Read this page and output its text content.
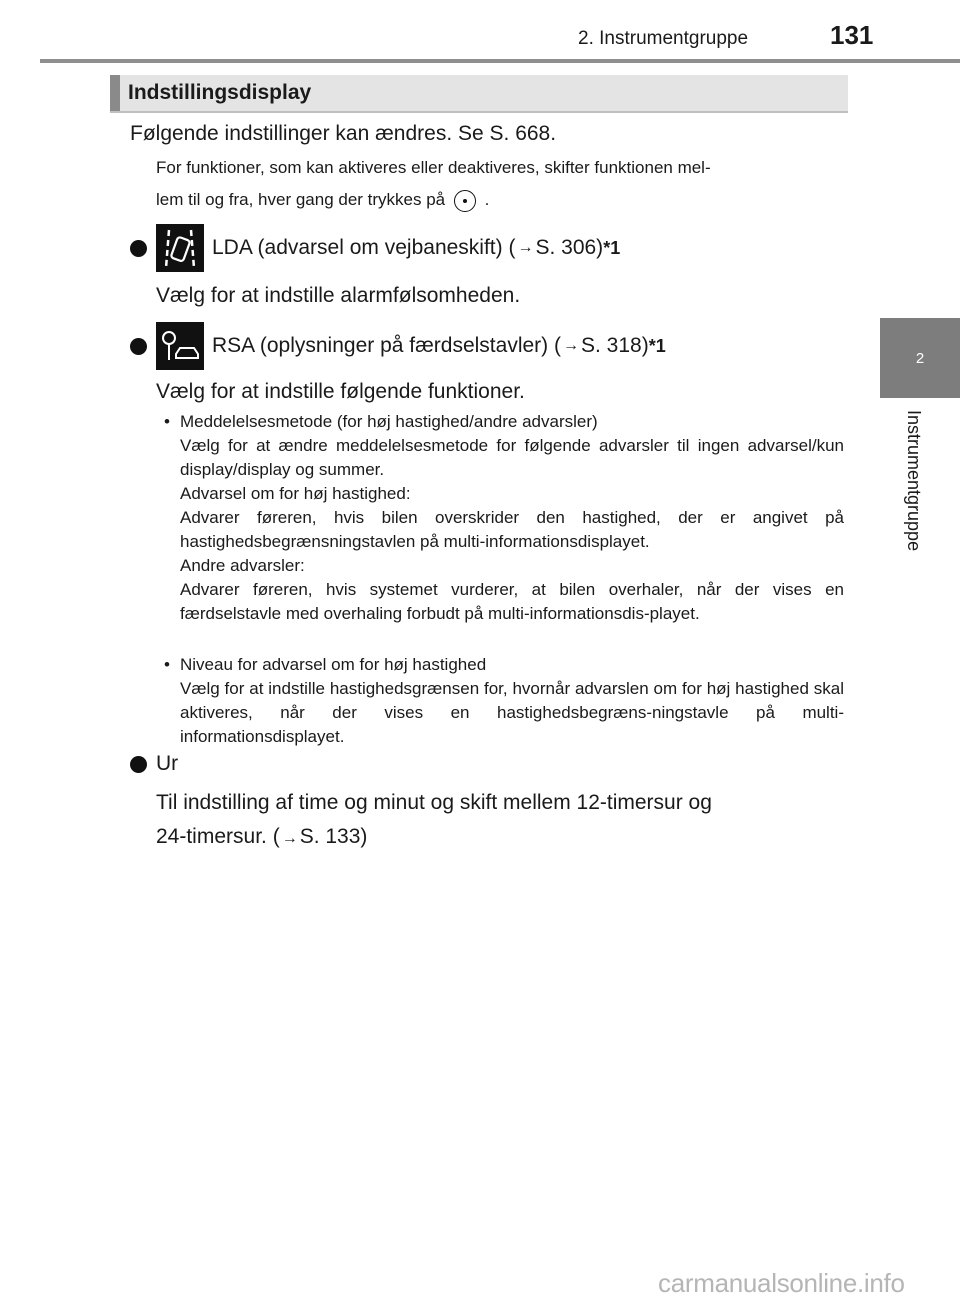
2. Instrumentgruppe	131
2
Instrumentgruppe
Indstillingsdisplay
Følgende indstillinger kan ændres. Se S. 668.
For funktioner, som kan aktiveres eller deaktiveres, skifter funktionen mel-
lem til og fra, hver gang der trykkes på .
LDA (advarsel om vejbaneskift) ( → S. 306) *1
Vælg for at indstille alarmfølsomheden.
RSA (oplysninger på færdselstavler) ( → S. 318) *1
Vælg for at indstille følgende funktioner.
• Meddelelsesmetode (for høj hastighed/andre advarsler)
Vælg for at ændre meddelelsesmetode for følgende advarsler til ingen advarsel/kun display/display og summer.
Advarsel om for høj hastighed:
Advarer føreren, hvis bilen overskrider den hastighed, der er angivet på hastighedsbegrænsningstavlen på multi-informationsdisplayet.
Andre advarsler:
Advarer føreren, hvis systemet vurderer, at bilen overhaler, når der vises en færdselstavle med overhaling forbudt på multi-informationsdis-playet.
• Niveau for advarsel om for høj hastighed
Vælg for at indstille hastighedsgrænsen for, hvornår advarslen om for høj hastighed skal aktiveres, når der vises en hastighedsbegræns-ningstavle på multi-informationsdisplayet.
Ur
Til indstilling af time og minut og skift mellem 12-timersur og
24-timersur. ( →S. 133)
carmanualsonline.info
